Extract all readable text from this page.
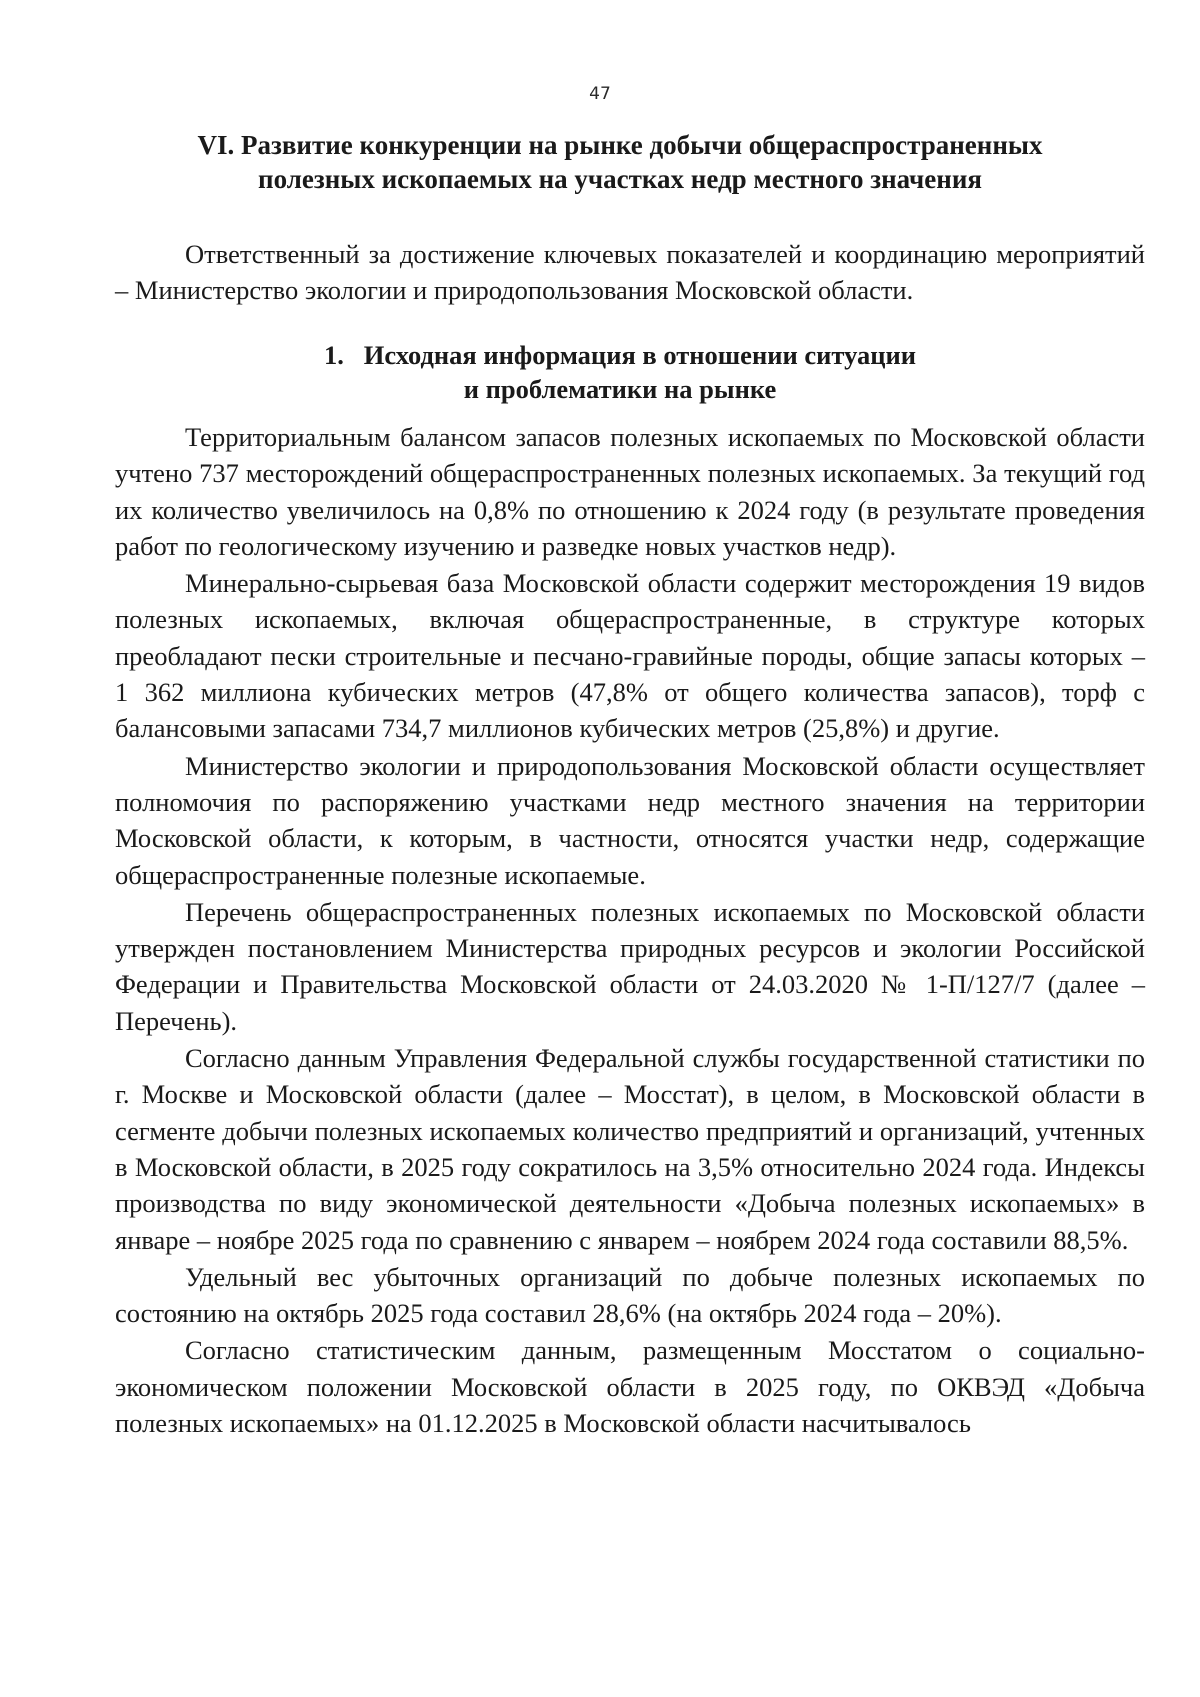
47
VI. Развитие конкуренции на рынке добычи общераспространенных
полезных ископаемых на участках недр местного значения

Ответственный за достижение ключевых показателей и координацию мероприятий – Министерство экологии и природопользования Московской области.

1.   Исходная информация в отношении ситуации
и проблематики на рынке

Территориальным балансом запасов полезных ископаемых по Московской области учтено 737 месторождений общераспространенных полезных ископаемых. За текущий год их количество увеличилось на 0,8% по отношению к 2024 году (в результате проведения работ по геологическому изучению и разведке новых участков недр).

Минерально-сырьевая база Московской области содержит месторождения 19 видов полезных ископаемых, включая общераспространенные, в структуре которых преобладают пески строительные и песчано-гравийные породы, общие запасы которых – 1 362 миллиона кубических метров (47,8% от общего количества запасов), торф с балансовыми запасами 734,7 миллионов кубических метров (25,8%) и другие.

Министерство экологии и природопользования Московской области осуществляет полномочия по распоряжению участками недр местного значения на территории Московской области, к которым, в частности, относятся участки недр, содержащие общераспространенные полезные ископаемые.

Перечень общераспространенных полезных ископаемых по Московской области утвержден постановлением Министерства природных ресурсов и экологии Российской Федерации и Правительства Московской области от 24.03.2020 № 1-П/127/7 (далее – Перечень).

Согласно данным Управления Федеральной службы государственной статистики по г. Москве и Московской области (далее – Мосстат), в целом, в Московской области в сегменте добычи полезных ископаемых количество предприятий и организаций, учтенных в Московской области, в 2025 году сократилось на 3,5% относительно 2024 года. Индексы производства по виду экономической деятельности «Добыча полезных ископаемых» в январе – ноябре 2025 года по сравнению с январем – ноябрем 2024 года составили 88,5%.

Удельный вес убыточных организаций по добыче полезных ископаемых по состоянию на октябрь 2025 года составил 28,6% (на октябрь 2024 года – 20%).

Согласно статистическим данным, размещенным Мосстатом о социально-экономическом положении Московской области в 2025 году, по ОКВЭД «Добыча полезных ископаемых» на 01.12.2025 в Московской области насчитывалось
